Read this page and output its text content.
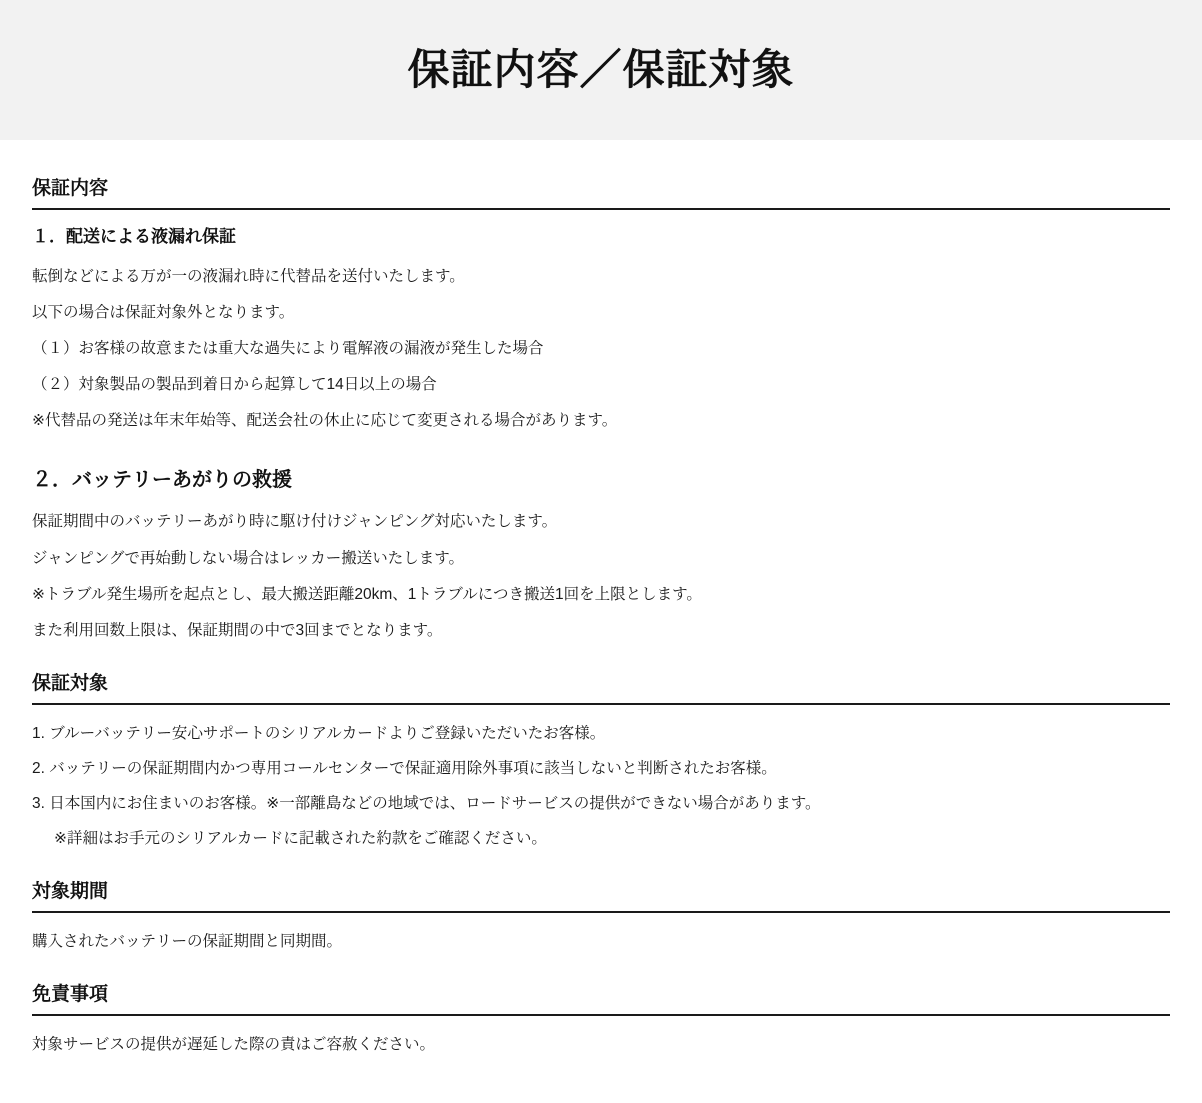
保証内容／保証対象
保証内容
１．配送による液漏れ保証

転倒などによる万が一の液漏れ時に代替品を送付いたします。

以下の場合は保証対象外となります。

（１）お客様の故意または重大な過失により電解液の漏液が発生した場合

（２）対象製品の製品到着日から起算して14日以上の場合

※代替品の発送は年末年始等、配送会社の休止に応じて変更される場合があります。

２．バッテリーあがりの救援

保証期間中のバッテリーあがり時に駆け付けジャンピング対応いたします。

ジャンピングで再始動しない場合はレッカー搬送いたします。

※トラブル発生場所を起点とし、最大搬送距離20km、1トラブルにつき搬送1回を上限とします。

また利用回数上限は、保証期間の中で3回までとなります。

保証対象
1. ブルーバッテリー安心サポートのシリアルカードよりご登録いただいたお客様。
2. バッテリーの保証期間内かつ専用コールセンターで保証適用除外事項に該当しないと判断されたお客様。
3. 日本国内にお住まいのお客様。※一部離島などの地域では、ロードサービスの提供ができない場合があります。

※詳細はお手元のシリアルカードに記載された約款をご確認ください。

対象期間

購入されたバッテリーの保証期間と同期間。

免責事項

対象サービスの提供が遅延した際の責はご容赦ください。
